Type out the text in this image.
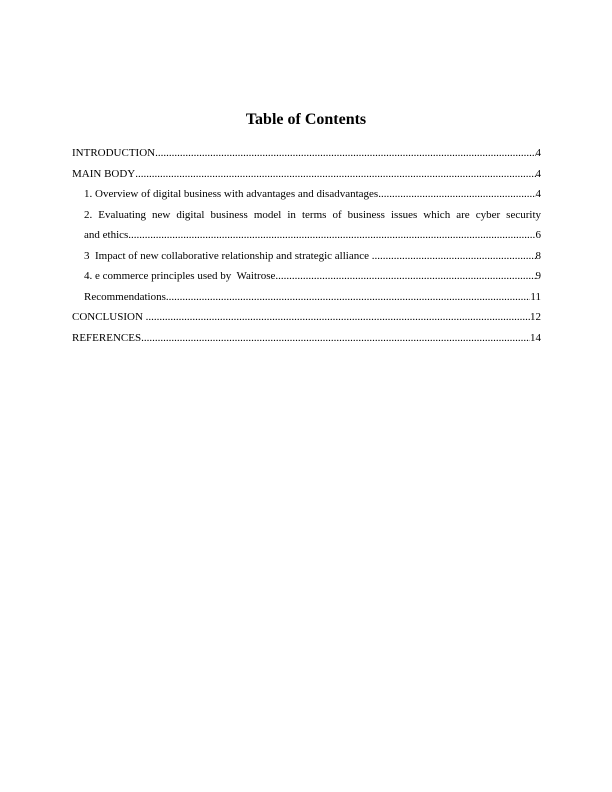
Table of Contents
INTRODUCTION .....	4
MAIN BODY .....	4
1. Overview of digital business with advantages and disadvantages .....	4
2. Evaluating new digital business model in terms of business issues which are cyber security
and ethics .....	6
3  Impact of new collaborative relationship and strategic alliance .....	8
4. e commerce principles used by  Waitrose .....	9
Recommendations .....	11
CONCLUSION .....	12
REFERENCES .....	14
